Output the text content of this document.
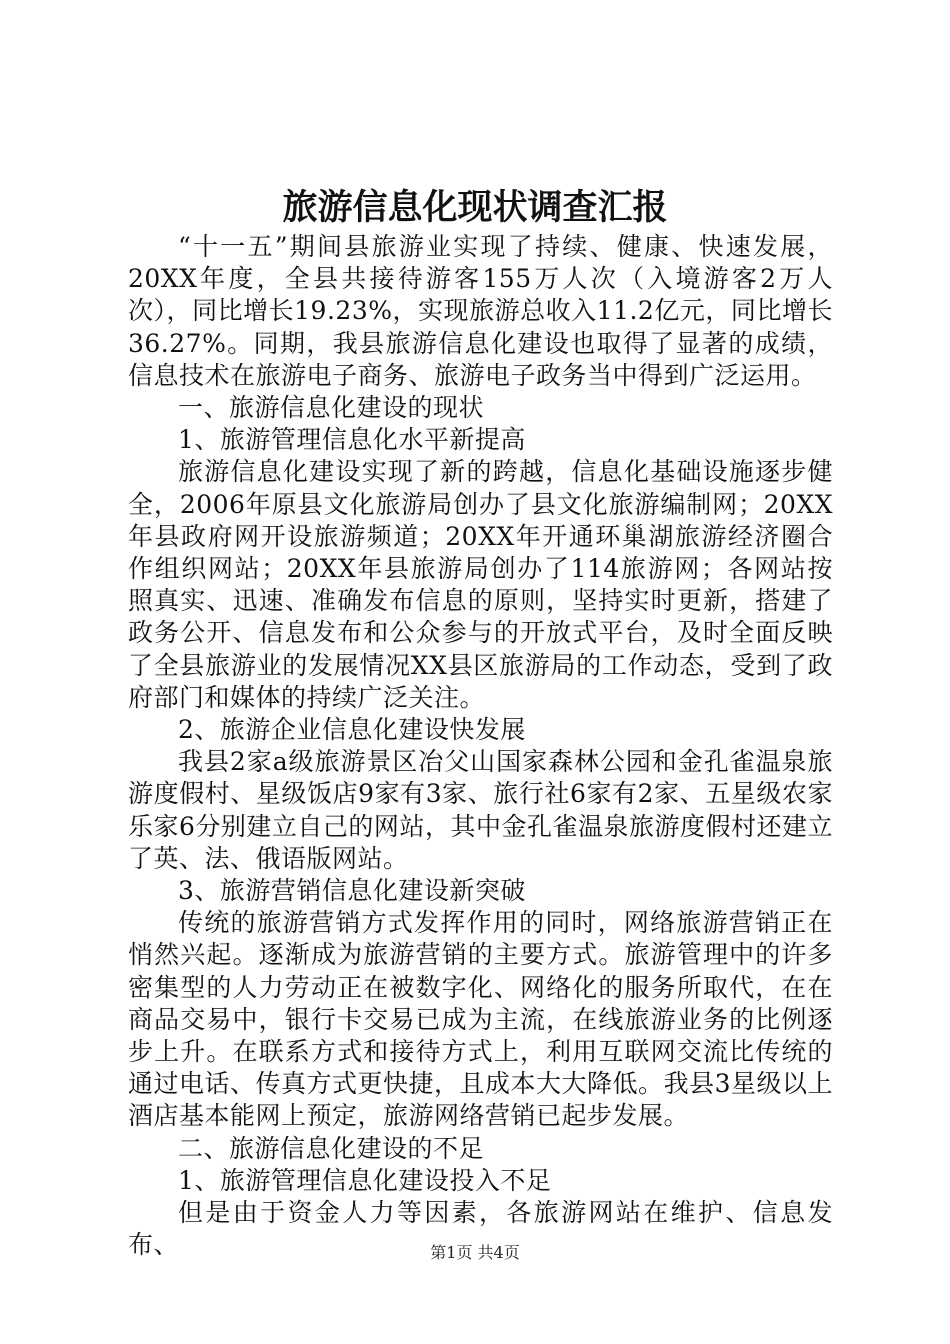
旅游信息化现状调查汇报

“十一五”期间县旅游业实现了持续、健康、快速发展，20XX年度，全县共接待游客155万人次（入境游客2万人次），同比增长19.23%，实现旅游总收入11.2亿元，同比增长36.27%。同期，我县旅游信息化建设也取得了显著的成绩，信息技术在旅游电子商务、旅游电子政务当中得到广泛运用。

一、旅游信息化建设的现状

1、旅游管理信息化水平新提高

旅游信息化建设实现了新的跨越，信息化基础设施逐步健全，2006年原县文化旅游局创办了县文化旅游编制网；20XX年县政府网开设旅游频道；20XX年开通环巢湖旅游经济圈合作组织网站；20XX年县旅游局创办了114旅游网；各网站按照真实、迅速、准确发布信息的原则，坚持实时更新，搭建了政务公开、信息发布和公众参与的开放式平台，及时全面反映了全县旅游业的发展情况XX县区旅游局的工作动态，受到了政府部门和媒体的持续广泛关注。

2、旅游企业信息化建设快发展

我县2家a级旅游景区冶父山国家森林公园和金孔雀温泉旅游度假村、星级饭店9家有3家、旅行社6家有2家、五星级农家乐家6分别建立自己的网站，其中金孔雀温泉旅游度假村还建立了英、法、俄语版网站。

3、旅游营销信息化建设新突破

传统的旅游营销方式发挥作用的同时，网络旅游营销正在悄然兴起。逐渐成为旅游营销的主要方式。旅游管理中的许多密集型的人力劳动正在被数字化、网络化的服务所取代，在在商品交易中，银行卡交易已成为主流，在线旅游业务的比例逐步上升。在联系方式和接待方式上，利用互联网交流比传统的通过电话、传真方式更快捷，且成本大大降低。我县3星级以上酒店基本能网上预定，旅游网络营销已起步发展。

二、旅游信息化建设的不足

1、旅游管理信息化建设投入不足

但是由于资金人力等因素，各旅游网站在维护、信息发布、	第1页 共4页
